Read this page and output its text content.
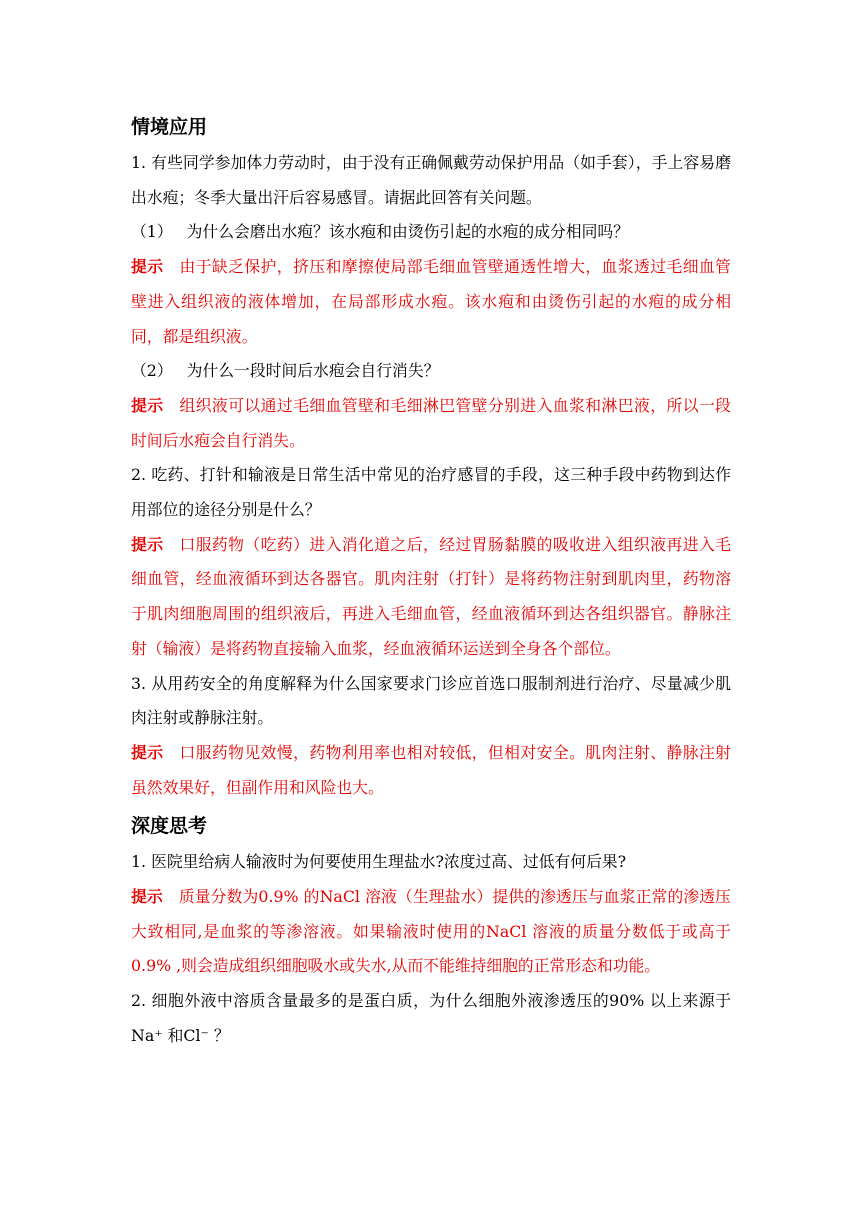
情境应用

1. 有些同学参加体力劳动时，由于没有正确佩戴劳动保护用品（如手套），手上容易磨出水疱；冬季大量出汗后容易感冒。请据此回答有关问题。

（1） 为什么会磨出水疱？该水疱和由烫伤引起的水疱的成分相同吗？

提示 由于缺乏保护，挤压和摩擦使局部毛细血管壁通透性增大，血浆透过毛细血管壁进入组织液的液体增加，在局部形成水疱。该水疱和由烫伤引起的水疱的成分相同，都是组织液。

（2） 为什么一段时间后水疱会自行消失？

提示 组织液可以通过毛细血管壁和毛细淋巴管壁分别进入血浆和淋巴液，所以一段时间后水疱会自行消失。

2. 吃药、打针和输液是日常生活中常见的治疗感冒的手段，这三种手段中药物到达作用部位的途径分别是什么？

提示 口服药物（吃药）进入消化道之后，经过胃肠黏膜的吸收进入组织液再进入毛细血管，经血液循环到达各器官。肌肉注射（打针）是将药物注射到肌肉里，药物溶于肌肉细胞周围的组织液后，再进入毛细血管，经血液循环到达各组织器官。静脉注射（输液）是将药物直接输入血浆，经血液循环运送到全身各个部位。

3. 从用药安全的角度解释为什么国家要求门诊应首选口服制剂进行治疗、尽量减少肌肉注射或静脉注射。

提示 口服药物见效慢，药物利用率也相对较低，但相对安全。肌肉注射、静脉注射虽然效果好，但副作用和风险也大。

深度思考

1. 医院里给病人输液时为何要使用生理盐水?浓度过高、过低有何后果?

提示 质量分数为0.9% 的NaCl 溶液（生理盐水）提供的渗透压与血浆正常的渗透压大致相同,是血浆的等渗溶液。如果输液时使用的NaCl 溶液的质量分数低于或高于0.9% ,则会造成组织细胞吸水或失水,从而不能维持细胞的正常形态和功能。

2. 细胞外液中溶质含量最多的是蛋白质，为什么细胞外液渗透压的90% 以上来源于Na⁺ 和Cl⁻ ？
